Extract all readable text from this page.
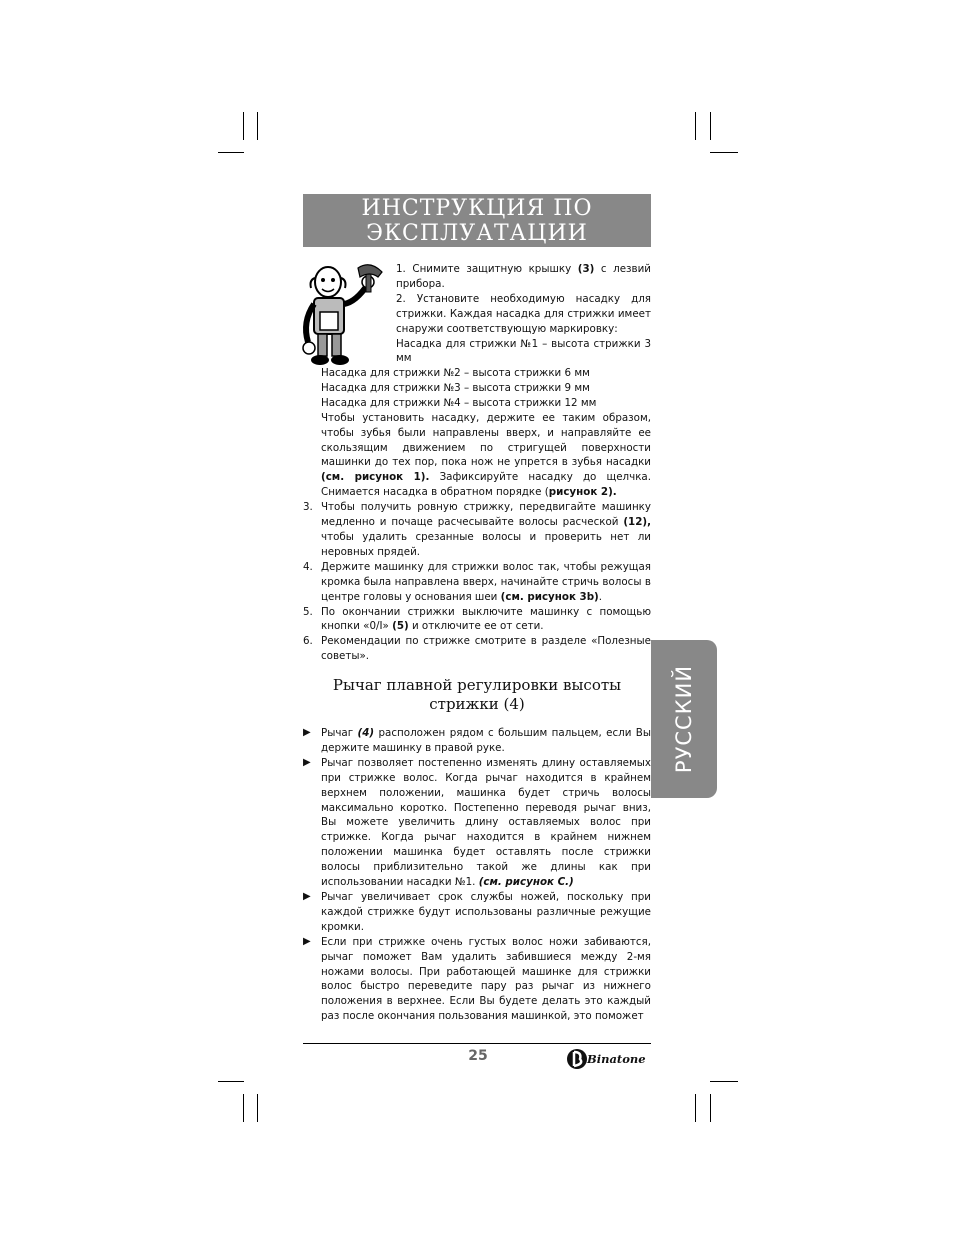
ИНСТРУКЦИЯ ПО
ЭКСПЛУАТАЦИИ

1. Снимите защитную крышку (3) с лезвий прибора.

2. Установите необходимую насадку для стрижки. Каждая насадка для стрижки имеет снаружи соответствующую маркировку:

Насадка для стрижки №1 – высота стрижки 3 мм

Насадка для стрижки №2 – высота стрижки 6 мм

Насадка для стрижки №3 – высота стрижки 9 мм

Насадка для стрижки №4 – высота стрижки 12 мм

Чтобы установить насадку, держите ее таким образом, чтобы зубья были направлены вверх, и направляйте ее скользящим движением по стригущей поверхности машинки до тех пор, пока нож не упрется в зубья насадки (см. рисунок 1). Зафиксируйте насадку до щелчка. Снимается насадка в обратном порядке (рисунок 2).

3. Чтобы получить ровную стрижку, передвигайте машинку медленно и почаще расчесывайте волосы расческой (12), чтобы удалить срезанные волосы и проверить нет ли неровных прядей.

4. Держите машинку для стрижки волос так, чтобы режущая кромка была направлена вверх, начинайте стричь волосы в центре головы у основания шеи (см. рисунок 3b).

5. По окончании стрижки выключите машинку с помощью кнопки «0/I» (5) и отключите ее от сети.

6. Рекомендации по стрижке смотрите в разделе «Полезные советы».

Рычаг плавной регулировки высоты
стрижки (4)

▶ Рычаг (4) расположен рядом с большим пальцем, если Вы держите машинку в правой руке.

▶ Рычаг позволяет постепенно изменять длину оставляемых при стрижке волос. Когда рычаг находится в крайнем верхнем положении, машинка будет стричь волосы максимально коротко. Постепенно переводя рычаг вниз, Вы можете увеличить длину оставляемых волос при стрижке. Когда рычаг находится в крайнем нижнем положении машинка будет оставлять после стрижки волосы приблизительно такой же длины как при использовании насадки №1. (см. рисунок С.)

▶ Рычаг увеличивает срок службы ножей, поскольку при каждой стрижке будут использованы различные режущие кромки.

▶ Если при стрижке очень густых волос ножи забиваются, рычаг поможет Вам удалить забившиеся между 2-мя ножами волосы. При работающей машинке для стрижки волос быстро переведите пару раз рычаг из нижнего положения в верхнее. Если Вы будете делать это каждый раз после окончания пользования машинкой, это поможет

РУССКИЙ
25	Binatone
